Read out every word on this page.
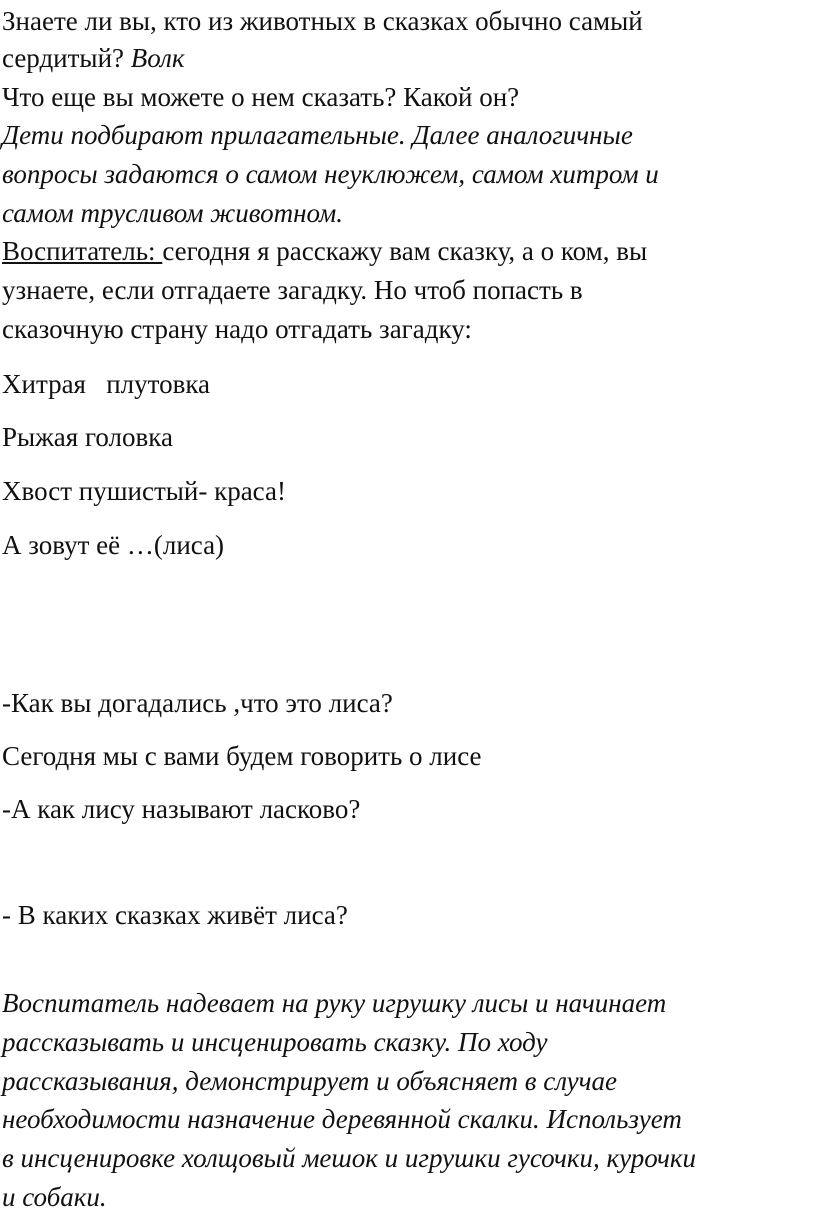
Знаете ли вы, кто из животных в сказках обычно самый
сердитый? Волк
Что еще вы можете о нем сказать? Какой он?
Дети подбирают прилагательные. Далее аналогичные
вопросы задаются о самом неуклюжем, самом хитром и
самом трусливом животном.
Воспитатель: сегодня я расскажу вам сказку, а о ком, вы
узнаете, если отгадаете загадку. Но чтоб попасть в
сказочную страну надо отгадать загадку:
Хитрая   плутовка
Рыжая головка
Хвост пушистый- краса!
А зовут её …(лиса)
-Как вы догадались ,что это лиса?
Сегодня мы с вами будем говорить о лисе
-А как лису называют ласково?
- В каких сказках живёт лиса?
Воспитатель надевает на руку игрушку лисы и начинает
рассказывать и инсценировать сказку. По ходу
рассказывания, демонстрирует и объясняет в случае
необходимости назначение деревянной скалки. Использует
в инсценировке холщовый мешок и игрушки гусочки, курочки
и собаки.
